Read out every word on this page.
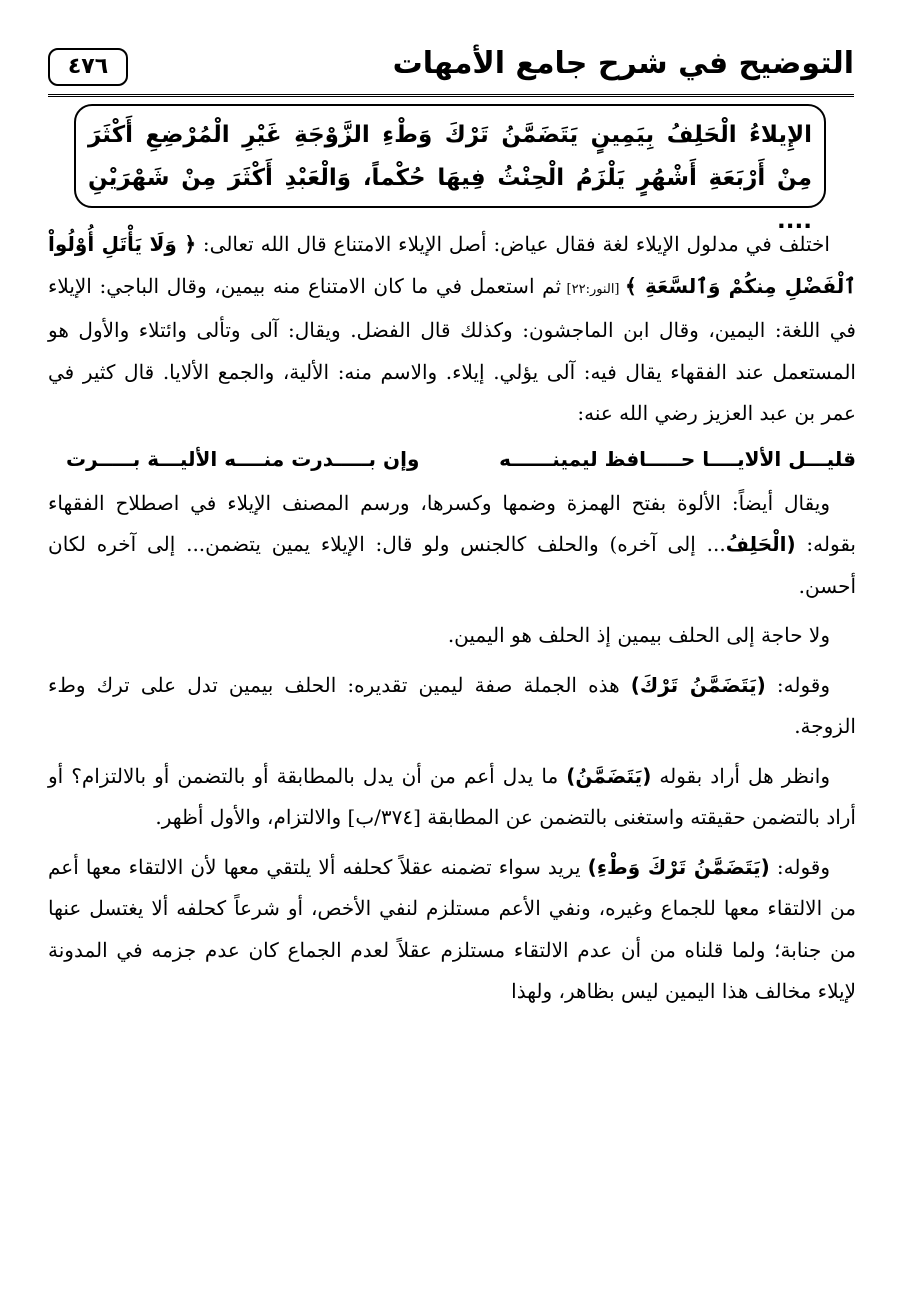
التوضيح في شرح جامع الأمهات
٤٧٦

الإِيلاءُ الْحَلِفُ بِيَمِينٍ يَتَضَمَّنُ تَرْكَ وَطْءِ الزَّوْجَةِ غَيْرِ الْمُرْضِعِ أَكْثَرَ مِنْ أَرْبَعَةِ أَشْهُرٍ يَلْزَمُ الْحِنْثُ فِيهَا حُكْماً، وَالْعَبْدِ أَكْثَرَ مِنْ شَهْرَيْنِ ....

اختلف في مدلول الإيلاء لغة فقال عياض: أصل الإيلاء الامتناع قال الله تعالى: ﴿ وَلَا يَأْتَلِ أُوْلُواْ ٱلْفَضْلِ مِنكُمْ وَٱلسَّعَةِ ﴾ [النور:٢٢] ثم استعمل في ما كان الامتناع منه بيمين، وقال الباجي: الإيلاء في اللغة: اليمين، وقال ابن الماجشون: وكذلك قال الفضل. ويقال: آلى وتألى وائتلاء والأول هو المستعمل عند الفقهاء يقال فيه: آلى يؤلي. إيلاء. والاسم منه: الألية، والجمع الألايا. قال كثير في عمر بن عبد العزيز رضي الله عنه:

قليـــل الألايــــا حـــــافظ ليمينــــــه
وإن بـــــدرت منــــه الأليـــة بـــــرت

ويقال أيضاً: الألوة بفتح الهمزة وضمها وكسرها، ورسم المصنف الإيلاء في اصطلاح الفقهاء بقوله: (الْحَلِفُ... إلى آخره) والحلف كالجنس ولو قال: الإيلاء يمين يتضمن... إلى آخره لكان أحسن.

ولا حاجة إلى الحلف بيمين إذ الحلف هو اليمين.

وقوله: (يَتَضَمَّنُ تَرْكَ) هذه الجملة صفة ليمين تقديره: الحلف بيمين تدل على ترك وطء الزوجة.

وانظر هل أراد بقوله (يَتَضَمَّنُ) ما يدل أعم من أن يدل بالمطابقة أو بالتضمن أو بالالتزام؟ أو أراد بالتضمن حقيقته واستغنى بالتضمن عن المطابقة [٣٧٤/ب] والالتزام، والأول أظهر.

وقوله: (يَتَضَمَّنُ تَرْكَ وَطْءِ) يريد سواء تضمنه عقلاً كحلفه ألا يلتقي معها لأن الالتقاء معها أعم من الالتقاء معها للجماع وغيره، ونفي الأعم مستلزم لنفي الأخص، أو شرعاً كحلفه ألا يغتسل عنها من جنابة؛ ولما قلناه من أن عدم الالتقاء مستلزم عقلاً لعدم الجماع كان عدم جزمه في المدونة لإيلاء مخالف هذا اليمين ليس بظاهر، ولهذا
